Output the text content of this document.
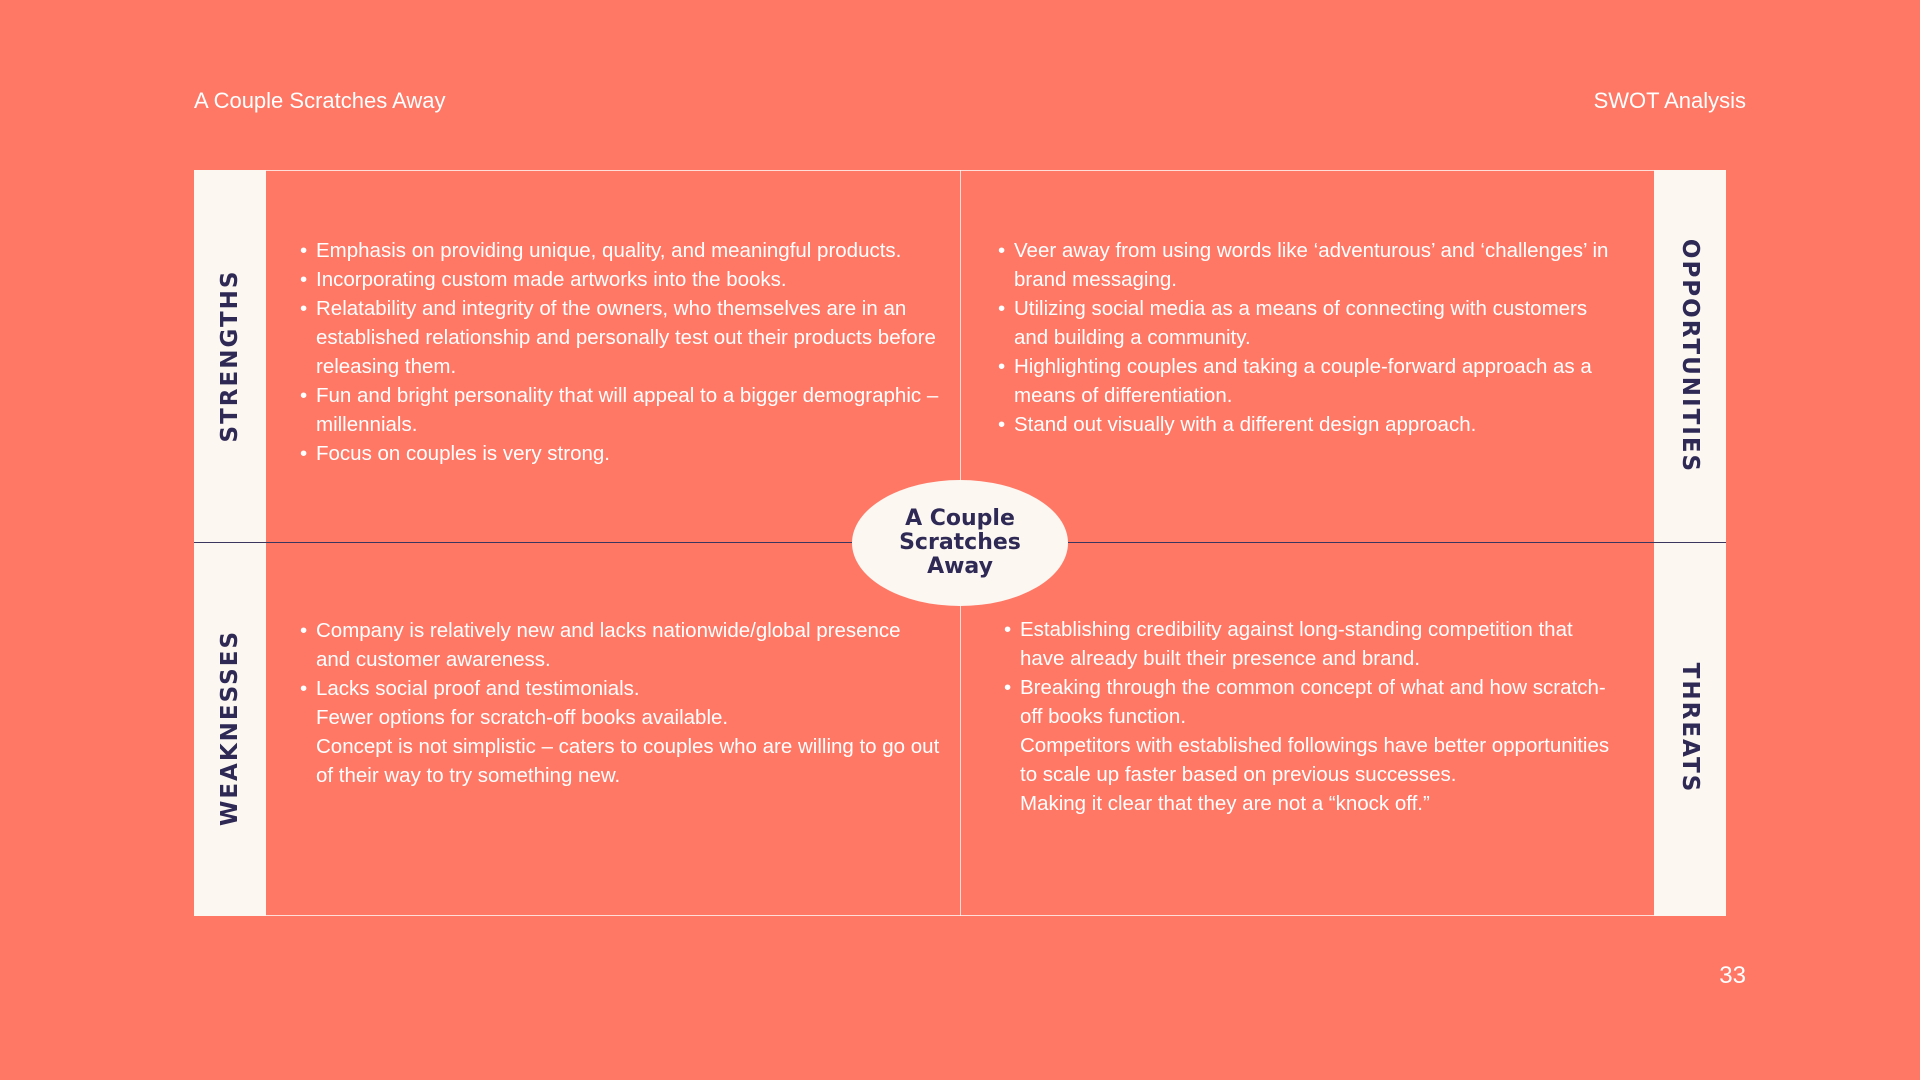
A Couple Scratches Away	SWOT Analysis
STRENGTHS
WEAKNESSES
OPPORTUNITIES
THREATS
• Emphasis on providing unique, quality, and meaningful products.
• Incorporating custom made artworks into the books.
• Relatability and integrity of the owners, who themselves are in an established relationship and personally test out their products before releasing them.
• Fun and bright personality that will appeal to a bigger demographic – millennials.
• Focus on couples is very strong.
• Veer away from using words like ‘adventurous’ and ‘challenges’ in brand messaging.
• Utilizing social media as a means of connecting with customers and building a community.
• Highlighting couples and taking a couple-forward approach as a means of differentiation.
• Stand out visually with a different design approach.
• Company is relatively new and lacks nationwide/global presence and customer awareness.
• Lacks social proof and testimonials.
Fewer options for scratch-off books available.
Concept is not simplistic – caters to couples who are willing to go out of their way to try something new.
• Establishing credibility against long-standing competition that have already built their presence and brand.
• Breaking through the common concept of what and how scratch-off books function.
Competitors with established followings have better opportunities to scale up faster based on previous successes.
Making it clear that they are not a “knock off.”
A Couple Scratches Away
33
